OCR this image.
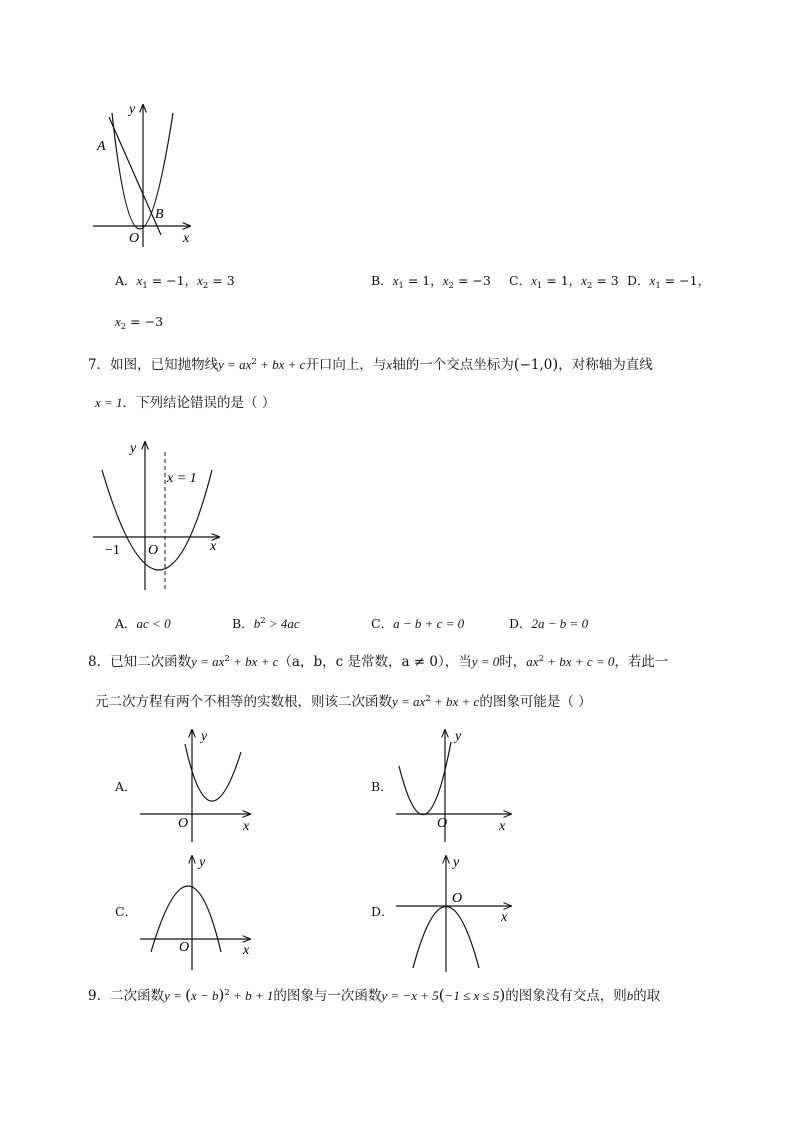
y
x
O
A
B
A．$x_1 = -1$，$x_2 = 3$	B．$x_1 = 1$，$x_2 = -3$ C．$x_1 = 1$，$x_2 = 3$ D．$x_1 = -1$，
$x_2 = -3$
7．如图，已知抛物线$y = ax^2$ + bx + c开口向上，与x轴的一个交点坐标为(−1,0)，对称轴为直线
x = 1．下列结论错误的是（ ）
y
x
O
−1
x = 1
A．ac < 0	B．$b^2 > 4ac$	C．a − b + c = 0	D．2a − b = 0
8．已知二次函数$y = ax^2$ + bx + c（a，b，c 是常数，a ≠ 0），当y = 0时，$ax^2$ + bx + c = 0，若此一
元二次方程有两个不相等的实数根，则该二次函数$y = ax^2$ + bx + c的图象可能是（ ）
A．
y
x
O
B．
y
x
O
C．
y
x
O
D．
y
x
O
9．二次函数$y = (x - b)^2 + b + 1$的图象与一次函数y = −x + 5(−1 ≤ x ≤ 5)的图象没有交点，则b的取
